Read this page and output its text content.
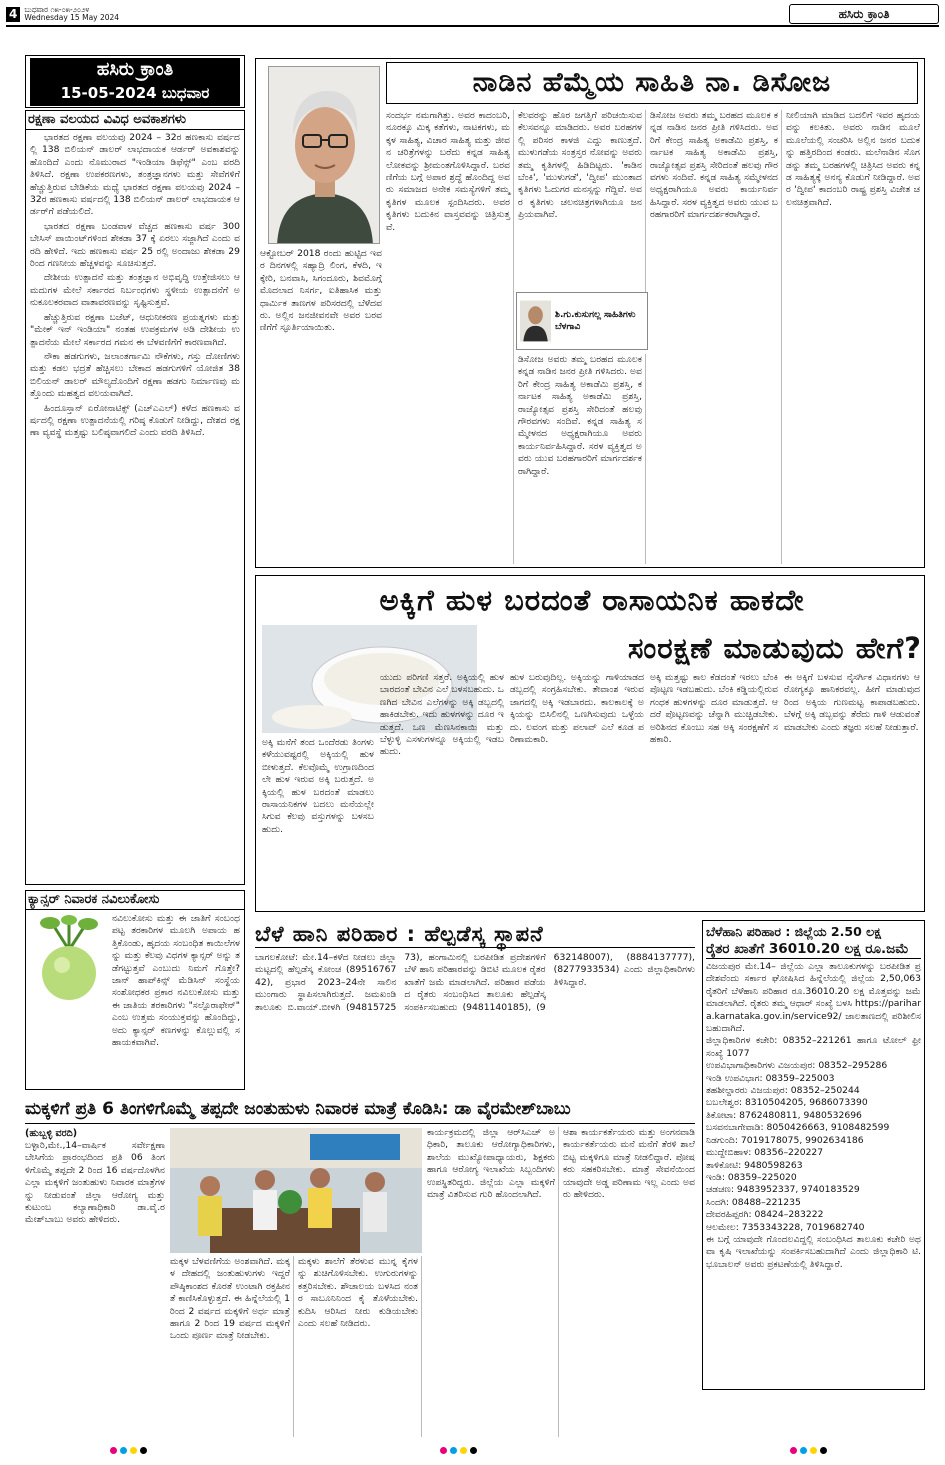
4 ಬುಧವಾರ ೧೫-೦೫-೨೦೨೪
Wednesday 15 May 2024	ಹಸಿರು ಕ್ರಾಂತಿ
ಹಸಿರು ಕ್ರಾಂತಿ
15-05-2024 ಬುಧವಾರ
ರಕ್ಷಣಾ ವಲಯದ ವಿವಿಧ ಅವಕಾಶಗಳು

ಭಾರತದ ರಕ್ಷಣಾ ವಲಯವು 2024 – 32ರ ಹಣಕಾಸು ವರ್ಷದಲ್ಲಿ 138 ಬಿಲಿಯನ್ ಡಾಲರ್ ಲಾಭದಾಯಕ ಆರ್ಡರ್ ಅವಕಾಶವನ್ನು ಹೊಂದಿದೆ ಎಂದು ನೊಮುರಾದ "ಇಂಡಿಯಾ ಡಿಫೆನ್ಸ್" ಎಂಬ ವರದಿ ತಿಳಿಸಿದೆ. ರಕ್ಷಣಾ ಉಪಕರಣಗಳು, ತಂತ್ರಜ್ಞಾನಗಳು ಮತ್ತು ಸೇವೆಗಳಿಗೆ ಹೆಚ್ಚುತ್ತಿರುವ ಬೇಡಿಕೆಯ ಮಧ್ಯೆ ಭಾರತದ ರಕ್ಷಣಾ ವಲಯವು 2024 – 32ರ ಹಣಕಾಸು ವರ್ಷದಲ್ಲಿ 138 ಬಿಲಿಯನ್ ಡಾಲರ್ ಲಾಭದಾಯಕ ಆರ್ಡರ್‌ಗೆ ಪಡೆಯಲಿದೆ.

ಭಾರತದ ರಕ್ಷಣಾ ಬಂಡವಾಳ ವೆಚ್ಚದ ಹಣಕಾಸು ವರ್ಷ 300 ಬೇಸಿಸ್ ಪಾಯಿಂಟ್‌ಗಳಿಂದ ಶೇಕಡಾ 37 ಕ್ಕೆ ಏರಲು ಸಜ್ಜಾಗಿದೆ ಎಂದು ವರದಿ ಹೇಳಿದೆ. ಇದು ಹಣಕಾಸು ವರ್ಷ 25 ರಲ್ಲಿ ಅಂದಾಜು ಶೇಕಡಾ 29 ರಿಂದ ಗಣನೀಯ ಹೆಚ್ಚಳವನ್ನು ಸೂಚಿಸುತ್ತದೆ.

ದೇಶೀಯ ಉತ್ಪಾದನೆ ಮತ್ತು ತಂತ್ರಜ್ಞಾನ ಅಭಿವೃದ್ಧಿ ಉತ್ತೇಜಿಸಲು ಆಮದುಗಳ ಮೇಲೆ ಸರ್ಕಾರದ ನಿರ್ಬಂಧಗಳು ಸ್ಥಳೀಯ ಉತ್ಪಾದನೆಗೆ ಅನುಕೂಲಕರವಾದ ವಾತಾವರಣವನ್ನು ಸೃಷ್ಟಿಸುತ್ತವೆ.

ಹೆಚ್ಚುತ್ತಿರುವ ರಕ್ಷಣಾ ಬಜೆಟ್, ಆಧುನೀಕರಣ ಪ್ರಯತ್ನಗಳು ಮತ್ತು "ಮೇಕ್ ಇನ್ ಇಂಡಿಯಾ" ನಂತಹ ಉಪಕ್ರಮಗಳ ಅಡಿ ದೇಶೀಯ ಉತ್ಪಾದನೆಯ ಮೇಲೆ ಸರ್ಕಾರದ ಗಮನ ಈ ಬೆಳವಣಿಗೆಗೆ ಕಾರಣವಾಗಿದೆ.

ನೌಕಾ ಹಡಗುಗಳು, ಜಲಾಂತರ್ಗಾಮಿ ನೌಕೆಗಳು, ಗಸ್ತು ದೋಣಿಗಳು ಮತ್ತು ಕಡಲ ಭದ್ರತೆ ಹೆಚ್ಚಿಸಲು ಬೇಕಾದ ಹಡಗುಗಳಿಗೆ ಯೋಜಿತ 38 ಬಿಲಿಯನ್ ಡಾಲರ್ ಮೌಲ್ಯದೊಂದಿಗೆ ರಕ್ಷಣಾ ಹಡಗು ನಿರ್ಮಾಣವು ಮತ್ತೊಂದು ಮಹತ್ವದ ವಲಯವಾಗಿದೆ.

ಹಿಂದೂಸ್ತಾನ್ ಏರೋನಾಟಿಕ್ಸ್ (ಎಚ್‌ಎಎಲ್) ಕಳೆದ ಹಣಕಾಸು ವರ್ಷದಲ್ಲಿ ರಕ್ಷಣಾ ಉತ್ಪಾದನೆಯಲ್ಲಿ ಗರಿಷ್ಠ ಕೊಡುಗೆ ನೀಡಿದ್ದು, ದೇಶದ ರಕ್ಷಣಾ ವ್ಯವಸ್ಥೆ ಮತ್ತಷ್ಟು ಬಲಿಷ್ಠವಾಗಲಿದೆ ಎಂದು ವರದಿ ತಿಳಿಸಿದೆ.

ಕ್ಯಾನ್ಸರ್ ನಿವಾರಕ ನವಿಲುಕೋಸು
ನವಿಲುಕೋಸು ಮತ್ತು ಈ ಜಾತಿಗೆ ಸಂಬಂಧಪಟ್ಟ ತರಕಾರಿಗಳ ಮೂಲಗಿ ಅಪಾಯ ಹತ್ತಿಕೊಂಡು, ಹೃದಯ ಸಂಬಂಧಿತ ಕಾಯಿಲೆಗಳನ್ನು ಮತ್ತು ಕೆಲವು ವಿಧಗಳ ಕ್ಯಾನ್ಸರ್ ಅನ್ನು ತಡೆಗಟ್ಟುತ್ತವೆ ಎಂಬುದು ನಿಮಗೆ ಗೊತ್ತೇ? ಜಾನ್ ಹಾಪ್‌ಕಿನ್ಸ್ ಮೆಡಿಸಿನ್ ಸಂಸ್ಥೆಯ ಸಂಶೋಧಕರ ಪ್ರಕಾರ ನವಿಲುಕೋಸು ಮತ್ತು ಈ ಜಾತಿಯ ತರಕಾರಿಗಳು "ಸಲ್ಫೊರಾಫೇನ್" ಎಂಬ ಉತ್ತಮ ಸಂಯುಕ್ತವನ್ನು ಹೊಂದಿದ್ದು, ಅದು ಕ್ಯಾನ್ಸರ್ ಕಣಗಳನ್ನು ಕೊಲ್ಲುವಲ್ಲಿ ಸಹಾಯಕವಾಗಿವೆ.
ನಾಡಿನ ಹೆಮ್ಮೆಯ ಸಾಹಿತಿ ನಾ. ಡಿಸೋಜ
ಆಕ್ಟೋಬರ್ 2018 ರಂದು ಹುಟ್ಟಿದ ಇವರ ದಿನಗಳಲ್ಲಿ ಸಹ್ಯಾದ್ರಿ ಲಿಂಗ, ಕೆಳದಿ, ಇಕ್ಕೇರಿ, ಬನವಾಸಿ, ಸಿಗಂದೂರು, ಶಿವಮೊಗ್ಗೆ ಮೊದಲಾದ ನಿಸರ್ಗ, ಐತಿಹಾಸಿಕ ಮತ್ತು ಧಾರ್ಮಿಕ ತಾಣಗಳ ಪರಿಸರದಲ್ಲಿ ಬೆಳೆದವರು. ಅಲ್ಲಿನ ಜನಜೀವನವೇ ಅವರ ಬರವಣಿಗೆಗೆ ಸ್ಫೂರ್ತಿಯಾಯಿತು.
ಸಂದರ್ಭ ನಮಗಾಗಿತ್ತು. ಅವರ ಕಾದಂಬರಿ, ನೂರಕ್ಕೂ ಮಿಕ್ಕ ಕತೆಗಳು, ನಾಟಕಗಳು, ಮಕ್ಕಳ ಸಾಹಿತ್ಯ, ವಿಚಾರ ಸಾಹಿತ್ಯ ಮತ್ತು ಜೀವನ ಚರಿತ್ರೆಗಳನ್ನು ಬರೆದು ಕನ್ನಡ ಸಾಹಿತ್ಯ ಲೋಕವನ್ನು ಶ್ರೀಮಂತಗೊಳಿಸಿದ್ದಾರೆ. ಬರವಣಿಗೆಯ ಬಗ್ಗೆ ಅಪಾರ ಶ್ರದ್ಧೆ ಹೊಂದಿದ್ದ ಅವರು ಸಮಾಜದ ಅನೇಕ ಸಮಸ್ಯೆಗಳಿಗೆ ತಮ್ಮ ಕೃತಿಗಳ ಮೂಲಕ ಸ್ಪಂದಿಸಿದರು. ಅವರ ಕೃತಿಗಳು ಬದುಕಿನ ವಾಸ್ತವವನ್ನು ಚಿತ್ರಿಸುತ್ತವೆ.
ಕೆಲವರನ್ನು ಹೊರ ಜಗತ್ತಿಗೆ ಪರಿಚಯಿಸುವ ಕೆಲಸವನ್ನೂ ಮಾಡಿದರು. ಅವರ ಬರಹಗಳಲ್ಲಿ ಪರಿಸರ ಕಾಳಜಿ ಎದ್ದು ಕಾಣುತ್ತದೆ. ಮುಳುಗಡೆಯ ಸಂತ್ರಸ್ತರ ನೋವನ್ನು ಅವರು ತಮ್ಮ ಕೃತಿಗಳಲ್ಲಿ ಹಿಡಿದಿಟ್ಟರು. 'ಕಾಡಿನ ಬೆಂಕಿ', 'ಮುಳುಗಡೆ', 'ದ್ವೀಪ' ಮುಂತಾದ ಕೃತಿಗಳು ಓದುಗರ ಮನಸ್ಸನ್ನು ಗೆದ್ದಿವೆ. ಅವರ ಕೃತಿಗಳು ಚಲನಚಿತ್ರಗಳಾಗಿಯೂ ಜನಪ್ರಿಯವಾಗಿವೆ.
ಶಿ.ಗು.ಕುಸುಗಲ್ಲ ಸಾಹಿತಿಗಳು ಬೆಳಗಾವಿ
ಡಿಸೋಜ ಅವರು ತಮ್ಮ ಬರಹದ ಮೂಲಕ ಕನ್ನಡ ನಾಡಿನ ಜನರ ಪ್ರೀತಿ ಗಳಿಸಿದರು. ಅವರಿಗೆ ಕೇಂದ್ರ ಸಾಹಿತ್ಯ ಅಕಾಡೆಮಿ ಪ್ರಶಸ್ತಿ, ಕರ್ನಾಟಕ ಸಾಹಿತ್ಯ ಅಕಾಡೆಮಿ ಪ್ರಶಸ್ತಿ, ರಾಜ್ಯೋತ್ಸವ ಪ್ರಶಸ್ತಿ ಸೇರಿದಂತೆ ಹಲವು ಗೌರವಗಳು ಸಂದಿವೆ. ಕನ್ನಡ ಸಾಹಿತ್ಯ ಸಮ್ಮೇಳನದ ಅಧ್ಯಕ್ಷರಾಗಿಯೂ ಅವರು ಕಾರ್ಯನಿರ್ವಹಿಸಿದ್ದಾರೆ. ಸರಳ ವ್ಯಕ್ತಿತ್ವದ ಅವರು ಯುವ ಬರಹಗಾರರಿಗೆ ಮಾರ್ಗದರ್ಶಕರಾಗಿದ್ದಾರೆ.
ಡಿಸೋಜ ಅವರು ತಮ್ಮ ಬರಹದ ಮೂಲಕ ಕನ್ನಡ ನಾಡಿನ ಜನರ ಪ್ರೀತಿ ಗಳಿಸಿದರು. ಅವರಿಗೆ ಕೇಂದ್ರ ಸಾಹಿತ್ಯ ಅಕಾಡೆಮಿ ಪ್ರಶಸ್ತಿ, ಕರ್ನಾಟಕ ಸಾಹಿತ್ಯ ಅಕಾಡೆಮಿ ಪ್ರಶಸ್ತಿ, ರಾಜ್ಯೋತ್ಸವ ಪ್ರಶಸ್ತಿ ಸೇರಿದಂತೆ ಹಲವು ಗೌರವಗಳು ಸಂದಿವೆ. ಕನ್ನಡ ಸಾಹಿತ್ಯ ಸಮ್ಮೇಳನದ ಅಧ್ಯಕ್ಷರಾಗಿಯೂ ಅವರು ಕಾರ್ಯನಿರ್ವಹಿಸಿದ್ದಾರೆ. ಸರಳ ವ್ಯಕ್ತಿತ್ವದ ಅವರು ಯುವ ಬರಹಗಾರರಿಗೆ ಮಾರ್ಗದರ್ಶಕರಾಗಿದ್ದಾರೆ.
ನೀಲಿಯಾಗಿ ಮಾಡಿದ ಬದಲಿಗೆ ಇವರ ಹೃದಯವನ್ನು ಕಲಕಿತು. ಅವರು ನಾಡಿನ ಮೂಲೆ ಮೂಲೆಯಲ್ಲಿ ಸಂಚರಿಸಿ ಅಲ್ಲಿನ ಜನರ ಬದುಕನ್ನು ಹತ್ತಿರದಿಂದ ಕಂಡರು. ಮಲೆನಾಡಿನ ಸೊಗಡನ್ನು ತಮ್ಮ ಬರಹಗಳಲ್ಲಿ ಚಿತ್ರಿಸಿದ ಅವರು ಕನ್ನಡ ಸಾಹಿತ್ಯಕ್ಕೆ ಅನನ್ಯ ಕೊಡುಗೆ ನೀಡಿದ್ದಾರೆ. ಅವರ 'ದ್ವೀಪ' ಕಾದಂಬರಿ ರಾಷ್ಟ್ರ ಪ್ರಶಸ್ತಿ ವಿಜೇತ ಚಲನಚಿತ್ರವಾಗಿದೆ.
ಅಕ್ಕಿಗೆ ಹುಳ ಬರದಂತೆ ರಾಸಾಯನಿಕ ಹಾಕದೇ
ಸಂರಕ್ಷಣೆ ಮಾಡುವುದು ಹೇಗೆ?
ಅಕ್ಕಿ ಮನೆಗೆ ತಂದ ಒಂದೆರಡು ತಿಂಗಳು ಕಳೆಯುವಷ್ಟರಲ್ಲಿ ಅಕ್ಕಿಯಲ್ಲಿ ಹುಳ ಬೀಳುತ್ತದೆ. ಕೆಲವೊಮ್ಮೆ ಉಗ್ರಾಣದಿಂದಲೇ ಹುಳ ಇರುವ ಅಕ್ಕಿ ಬರುತ್ತದೆ. ಅಕ್ಕಿಯಲ್ಲಿ ಹುಳ ಬರದಂತೆ ಮಾಡಲು ರಾಸಾಯನಿಕಗಳ ಬದಲು ಮನೆಯಲ್ಲೇ ಸಿಗುವ ಕೆಲವು ವಸ್ತುಗಳನ್ನು ಬಳಸಬಹುದು.
ಯುದು ಪರಿಗಣಿ ಸತ್ತರೆ. ಅಕ್ಕಿಯಲ್ಲಿ ಹುಳ ಬಾರದಂತೆ ಬೇವಿನ ಎಲೆ ಬಳಸಬಹುದು. ಒಣಗಿದ ಬೇವಿನ ಎಲೆಗಳನ್ನು ಅಕ್ಕಿ ಡಬ್ಬದಲ್ಲಿ ಹಾಕಿಡಬೇಕು. ಇದು ಹುಳಗಳನ್ನು ದೂರ ಇಡುತ್ತದೆ. ಒಣ ಮೆಣಸಿನಕಾಯಿ ಮತ್ತು ಬೆಳ್ಳುಳ್ಳಿ ಎಸಳುಗಳನ್ನೂ ಅಕ್ಕಿಯಲ್ಲಿ ಇಡಬಹುದು.
ಹುಳ ಬರುವುದಿಲ್ಲ. ಅಕ್ಕಿಯನ್ನು ಗಾಳಿಯಾಡದ ಡಬ್ಬದಲ್ಲಿ ಸಂಗ್ರಹಿಸಬೇಕು. ತೇವಾಂಶ ಇರುವ ಜಾಗದಲ್ಲಿ ಅಕ್ಕಿ ಇಡಬಾರದು. ಕಾಲಕಾಲಕ್ಕೆ ಅಕ್ಕಿಯನ್ನು ಬಿಸಿಲಿನಲ್ಲಿ ಒಣಗಿಸುವುದು ಒಳ್ಳೆಯದು. ಲವಂಗ ಮತ್ತು ಪಲಾವ್ ಎಲೆ ಕೂಡ ಪರಿಣಾಮಕಾರಿ.
ಅಕ್ಕಿ ಮತ್ತಷ್ಟು ಕಾಲ ಕೆಡದಂತೆ ಇರಲು ಬೆಂಕಿ ಪೊಟ್ಟಣ ಇಡಬಹುದು. ಬೆಂಕಿ ಕಡ್ಡಿಯಲ್ಲಿರುವ ಗಂಧಕ ಹುಳಗಳನ್ನು ದೂರ ಮಾಡುತ್ತದೆ. ಆದರೆ ಪೊಟ್ಟಣವನ್ನು ಚೆನ್ನಾಗಿ ಮುಚ್ಚಿಡಬೇಕು. ಅರಿಶಿನದ ಕೊಂಬು ಸಹ ಅಕ್ಕಿ ಸಂರಕ್ಷಣೆಗೆ ಸಹಕಾರಿ.
ಈ ಅಕ್ಕಿಗೆ ಬಳಸುವ ನೈಸರ್ಗಿಕ ವಿಧಾನಗಳು ಆರೋಗ್ಯಕ್ಕೂ ಹಾನಿಕರವಲ್ಲ. ಹೀಗೆ ಮಾಡುವುದರಿಂದ ಅಕ್ಕಿಯ ಗುಣಮಟ್ಟ ಕಾಪಾಡಬಹುದು. ಬೆಳಗ್ಗೆ ಅಕ್ಕಿ ಡಬ್ಬವನ್ನು ತೆರೆದು ಗಾಳಿ ಆಡುವಂತೆ ಮಾಡಬೇಕು ಎಂದು ತಜ್ಞರು ಸಲಹೆ ನೀಡುತ್ತಾರೆ.
ಬೆಳೆ ಹಾನಿ ಪರಿಹಾರ : ಹೆಲ್ಪಡೆಸ್ಕ ಸ್ಥಾಪನೆ
ಬಾಗಲಕೋಟೆ: ಮೇ.14–ಕಳೆದ ನೀಡಲು ಜಿಲ್ಲಾ ಮಟ್ಟದಲ್ಲಿ ಹೆಲ್ಪಡೆಸ್ಕ ಕೋಂಚ (8951676742), ಪ್ರಭಾರ 2023–24ನೇ ಸಾಲಿನ ಮುಂಗಾರು ಸ್ಥಾಪಿಸಲಾಗಿರುತ್ತದೆ. ಜಮಖಂಡಿ ತಾಲೂಕು ಬಿ.ವಾಯ್.ಬೀಳಗಿ (9481572573), ಹಂಗಾಮಿನಲ್ಲಿ ಬರಪೀಡಿತ ಪ್ರದೇಶಗಳಿಗೆ ಬೆಳೆ ಹಾನಿ ಪರಿಹಾರವನ್ನು ಡಿಬಿಟಿ ಮೂಲಕ ರೈತರ ಖಾತೆಗೆ ಜಮೆ ಮಾಡಲಾಗಿದೆ. ಪರಿಹಾರ ಪಡೆಯದ ರೈತರು ಸಂಬಂಧಿಸಿದ ತಾಲೂಕು ಹೆಲ್ಪಡೆಸ್ಕ ಸಂಪರ್ಕಿಸಬಹುದು (9481140185), (9632148007), (8884137777), (8277933534) ಎಂದು ಜಿಲ್ಲಾಧಿಕಾರಿಗಳು ತಿಳಿಸಿದ್ದಾರೆ.
ಬೆಳೆಹಾನಿ ಪರಿಹಾರ : ಜಿಲ್ಲೆಯ 2.50 ಲಕ್ಷ
ರೈತರ ಖಾತೆಗೆ 36010.20 ಲಕ್ಷ ರೂ.ಜಮೆ
ವಿಜಯಪುರ ಮೇ.14– ಜಿಲ್ಲೆಯ ಎಲ್ಲಾ ತಾಲೂಕುಗಳನ್ನು ಬರಪೀಡಿತ ಪ್ರದೇಶವೆಂದು ಸರ್ಕಾರ ಘೋಷಿಸಿದ ಹಿನ್ನೆಲೆಯಲ್ಲಿ ಜಿಲ್ಲೆಯ 2,50,063 ರೈತರಿಗೆ ಬೆಳೆಹಾನಿ ಪರಿಹಾರ ರೂ.36010.20 ಲಕ್ಷ ಮೊತ್ತವನ್ನು ಜಮೆ ಮಾಡಲಾಗಿದೆ. ರೈತರು ತಮ್ಮ ಆಧಾರ್ ಸಂಖ್ಯೆ ಬಳಸಿ https://parihara.karnataka.gov.in/service92/ ಜಾಲತಾಣದಲ್ಲಿ ಪರಿಶೀಲಿಸಬಹುದಾಗಿದೆ.
ಜಿಲ್ಲಾಧಿಕಾರಿಗಳ ಕಚೇರಿ: 08352–221261 ಹಾಗೂ ಟೋಲ್ ಫ್ರೀ ಸಂಖ್ಯೆ 1077
ಉಪವಿಭಾಗಾಧಿಕಾರಿಗಳು ವಿಜಯಪುರ: 08352–295286
ಇಂಡಿ ಉಪವಿಭಾಗ: 08359–225003
ತಹಶೀಲ್ದಾರರು ವಿಜಯಪುರ: 08352–250244
ಬಬಲೇಶ್ವರ: 8310504205, 9686073390
ತಿಕೋಟಾ: 8762480811, 9480532696
ಬಸವನಬಾಗೇವಾಡಿ: 8050426663, 9108482599
ನಿಡಗುಂದಿ: 7019178075, 9902634186
ಮುದ್ದೇಬಿಹಾಳ: 08356–220227
ತಾಳಿಕೋಟಿ: 9480598263
ಇಂಡಿ: 08359–225020
ಚಡಚಣ: 9483952337, 9740183529
ಸಿಂದಗಿ: 08488–221235
ದೇವರಹಿಪ್ಪರಗಿ: 08424–283222
ಆಲಮೇಲ: 7353343228, 7019682740
ಈ ಬಗ್ಗೆ ಯಾವುದೇ ಗೊಂದಲವಿದ್ದಲ್ಲಿ ಸಂಬಂಧಿಸಿದ ತಾಲೂಕು ಕಚೇರಿ ಅಥವಾ ಕೃಷಿ ಇಲಾಖೆಯನ್ನು ಸಂಪರ್ಕಿಸಬಹುದಾಗಿದೆ ಎಂದು ಜಿಲ್ಲಾಧಿಕಾರಿ ಟಿ.ಭೂಬಾಲನ್ ಅವರು ಪ್ರಕಟಣೆಯಲ್ಲಿ ತಿಳಿಸಿದ್ದಾರೆ.
ಮಕ್ಕಳಿಗೆ ಪ್ರತಿ 6 ತಿಂಗಳಿಗೊಮ್ಮೆ ತಪ್ಪದೇ ಜಂತುಹುಳು ನಿವಾರಕ ಮಾತ್ರೆ ಕೊಡಿಸಿ: ಡಾ ವೈರಮೇಶ್‌ಬಾಬು
(ಹುಬ್ಬಳ್ಳಿ ವರದಿ)
ಬಳ್ಳಾರಿ,ಮೇ.,14–ವಾರ್ಷಿಕ ಸರ್ವೇಕ್ಷಣಾ ಬೇಸಿಗೆಯ ಪ್ರಾರಂಭದಿಂದ ಪ್ರತಿ 06 ತಿಂಗಳಿಗೊಮ್ಮೆ ತಪ್ಪದೇ 2 ರಿಂದ 16 ವರ್ಷದೊಳಗಿನ ಎಲ್ಲಾ ಮಕ್ಕಳಿಗೆ ಜಂತುಹುಳು ನಿವಾರಕ ಮಾತ್ರೆಗಳನ್ನು ನೀಡುವಂತೆ ಜಿಲ್ಲಾ ಆರೋಗ್ಯ ಮತ್ತು ಕುಟುಂಬ ಕಲ್ಯಾಣಾಧಿಕಾರಿ ಡಾ.ವೈ.ರಮೇಶ್‌ಬಾಬು ಅವರು ಹೇಳಿದರು.
ಮಕ್ಕಳ ಬೆಳವಣಿಗೆಯ ಅಂಶವಾಗಿದೆ. ಮಕ್ಕಳ ದೇಹದಲ್ಲಿ ಜಂತುಹುಳುಗಳು ಇದ್ದರೆ ಪೌಷ್ಠಿಕಾಂಶದ ಕೊರತೆ ಉಂಟಾಗಿ ರಕ್ತಹೀನತೆ ಕಾಣಿಸಿಕೊಳ್ಳುತ್ತದೆ. ಈ ಹಿನ್ನೆಲೆಯಲ್ಲಿ 1 ರಿಂದ 2 ವರ್ಷದ ಮಕ್ಕಳಿಗೆ ಅರ್ಧ ಮಾತ್ರೆ ಹಾಗೂ 2 ರಿಂದ 19 ವರ್ಷದ ಮಕ್ಕಳಿಗೆ ಒಂದು ಪೂರ್ಣ ಮಾತ್ರೆ ನೀಡಬೇಕು.
ಮಕ್ಕಳು ಶಾಲೆಗೆ ತೆರಳುವ ಮುನ್ನ ಕೈಗಳನ್ನು ಶುಚಿಗೊಳಿಸಬೇಕು. ಉಗುರುಗಳನ್ನು ಕತ್ತರಿಸಬೇಕು. ಶೌಚಾಲಯ ಬಳಸಿದ ನಂತರ ಸಾಬೂನಿನಿಂದ ಕೈ ತೊಳೆಯಬೇಕು. ಕುದಿಸಿ ಆರಿಸಿದ ನೀರು ಕುಡಿಯಬೇಕು ಎಂದು ಸಲಹೆ ನೀಡಿದರು.
ಕಾರ್ಯಕ್ರಮದಲ್ಲಿ ಜಿಲ್ಲಾ ಆರ್‌ಸಿಎಚ್ ಅಧಿಕಾರಿ, ತಾಲೂಕು ಆರೋಗ್ಯಾಧಿಕಾರಿಗಳು, ಶಾಲೆಯ ಮುಖ್ಯೋಪಾಧ್ಯಾಯರು, ಶಿಕ್ಷಕರು ಹಾಗೂ ಆರೋಗ್ಯ ಇಲಾಖೆಯ ಸಿಬ್ಬಂದಿಗಳು ಉಪಸ್ಥಿತರಿದ್ದರು. ಜಿಲ್ಲೆಯ ಎಲ್ಲಾ ಮಕ್ಕಳಿಗೆ ಮಾತ್ರೆ ವಿತರಿಸುವ ಗುರಿ ಹೊಂದಲಾಗಿದೆ.
ಆಶಾ ಕಾರ್ಯಕರ್ತೆಯರು ಮತ್ತು ಅಂಗನವಾಡಿ ಕಾರ್ಯಕರ್ತೆಯರು ಮನೆ ಮನೆಗೆ ತೆರಳಿ ಶಾಲೆ ಬಿಟ್ಟ ಮಕ್ಕಳಿಗೂ ಮಾತ್ರೆ ನೀಡಲಿದ್ದಾರೆ. ಪೋಷಕರು ಸಹಕರಿಸಬೇಕು. ಮಾತ್ರೆ ಸೇವನೆಯಿಂದ ಯಾವುದೇ ಅಡ್ಡ ಪರಿಣಾಮ ಇಲ್ಲ ಎಂದು ಅವರು ಹೇಳಿದರು.
